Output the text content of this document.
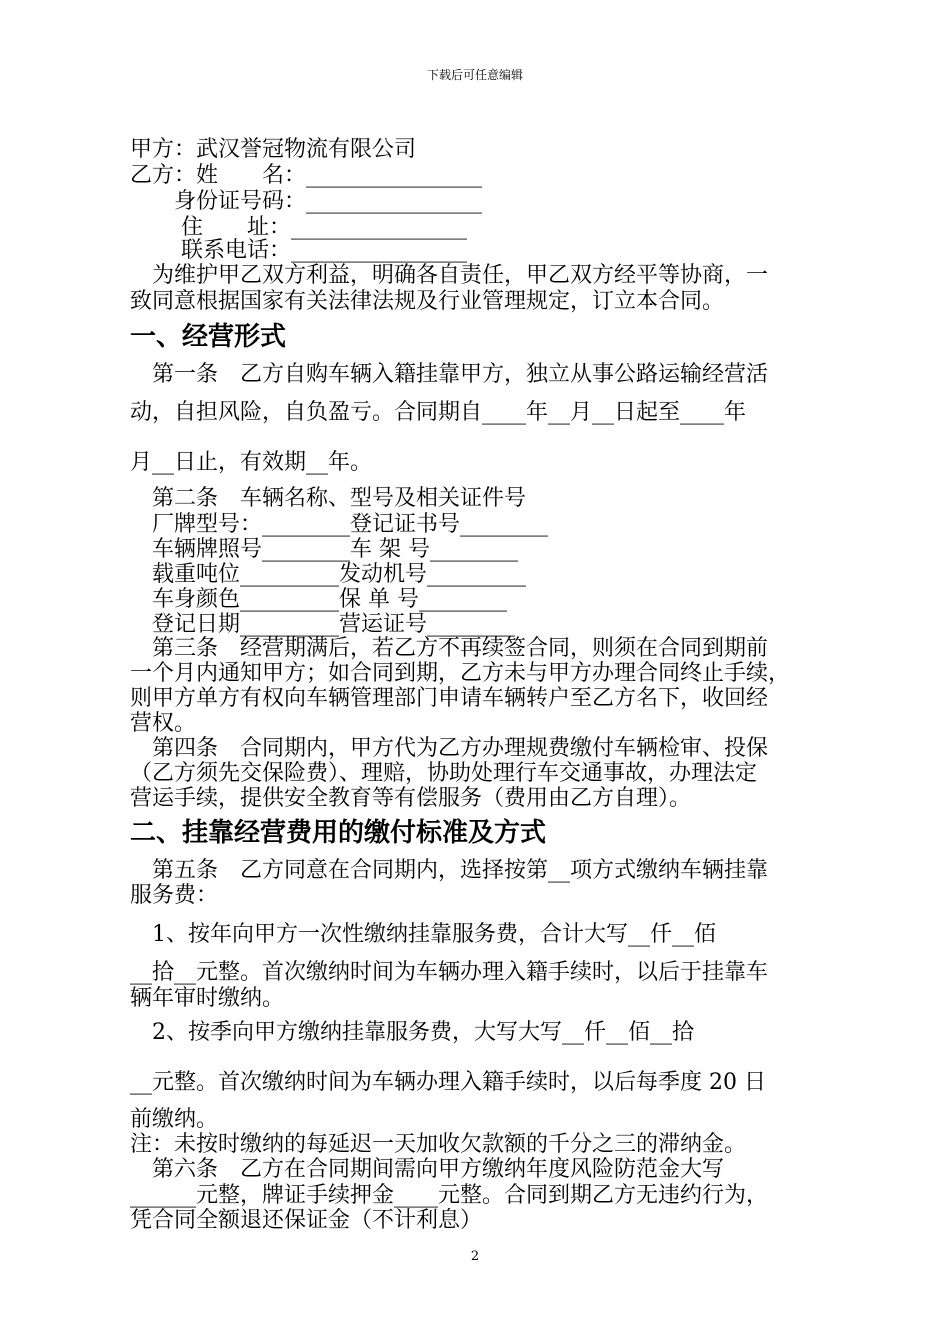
下载后可任意编辑
甲方：武汉誉冠物流有限公司
乙方：姓　　名：________________
　　身份证号码：________________
　　 住　　址：________________
　　 联系电话：________________
　为维护甲乙双方利益，明确各自责任，甲乙双方经平等协商，一
致同意根据国家有关法律法规及行业管理规定，订立本合同。
一、经营形式
　第一条　乙方自购车辆入籍挂靠甲方，独立从事公路运输经营活
动，自担风险，自负盈亏。合同期自____年__月__日起至____年
月__日止，有效期__年。
　第二条　车辆名称、型号及相关证件号
　厂牌型号：________登记证书号________
　车辆牌照号________车 架 号________
　载重吨位_________发动机号_________
　车身颜色_________保 单 号________
　登记日期_________营运证号________
　第三条　经营期满后，若乙方不再续签合同，则须在合同到期前
一个月内通知甲方；如合同到期，乙方未与甲方办理合同终止手续，
则甲方单方有权向车辆管理部门申请车辆转户至乙方名下，收回经
营权。
　第四条　合同期内，甲方代为乙方办理规费缴付车辆检审、投保
（乙方须先交保险费）、理赔，协助处理行车交通事故，办理法定
营运手续，提供安全教育等有偿服务（费用由乙方自理）。
二、挂靠经营费用的缴付标准及方式
　第五条　乙方同意在合同期内，选择按第__项方式缴纳车辆挂靠
服务费：
　1、按年向甲方一次性缴纳挂靠服务费，合计大写__仟__佰
__拾__元整。首次缴纳时间为车辆办理入籍手续时，以后于挂靠车
辆年审时缴纳。
　2、按季向甲方缴纳挂靠服务费，大写大写__仟__佰__拾
__元整。首次缴纳时间为车辆办理入籍手续时，以后每季度 20 日
前缴纳。
注：未按时缴纳的每延迟一天加收欠款额的千分之三的滞纳金。
　第六条　乙方在合同期间需向甲方缴纳年度风险防范金大写
______元整，牌证手续押金____元整。合同到期乙方无违约行为，
凭合同全额退还保证金（不计利息）
2
